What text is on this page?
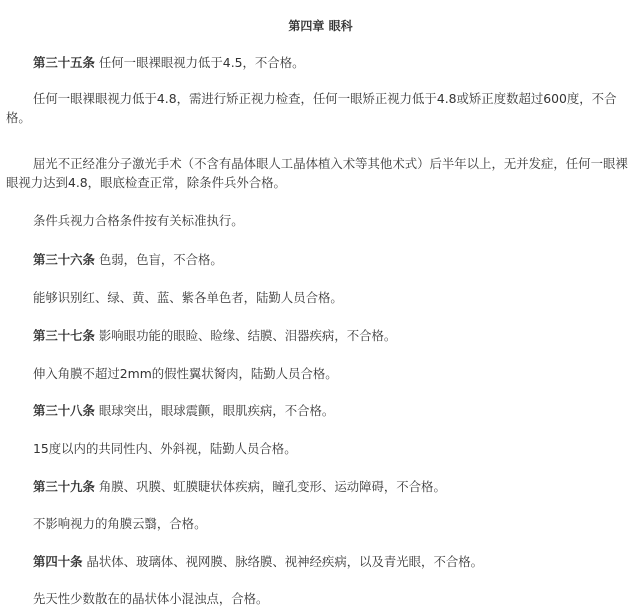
第四章 眼科

第三十五条 任何一眼裸眼视力低于4.5，不合格。

任何一眼裸眼视力低于4.8，需进行矫正视力检查，任何一眼矫正视力低于4.8或矫正度数超过600度，不合格。

屈光不正经准分子激光手术（不含有晶体眼人工晶体植入术等其他术式）后半年以上，无并发症，任何一眼裸眼视力达到4.8，眼底检查正常，除条件兵外合格。

条件兵视力合格条件按有关标准执行。

第三十六条 色弱，色盲，不合格。

能够识别红、绿、黄、蓝、紫各单色者，陆勤人员合格。

第三十七条 影响眼功能的眼睑、睑缘、结膜、泪器疾病，不合格。

伸入角膜不超过2mm的假性翼状胬肉，陆勤人员合格。

第三十八条 眼球突出，眼球震颤，眼肌疾病，不合格。

15度以内的共同性内、外斜视，陆勤人员合格。

第三十九条 角膜、巩膜、虹膜睫状体疾病，瞳孔变形、运动障碍，不合格。

不影响视力的角膜云翳，合格。

第四十条 晶状体、玻璃体、视网膜、脉络膜、视神经疾病，以及青光眼，不合格。

先天性少数散在的晶状体小混浊点，合格。
